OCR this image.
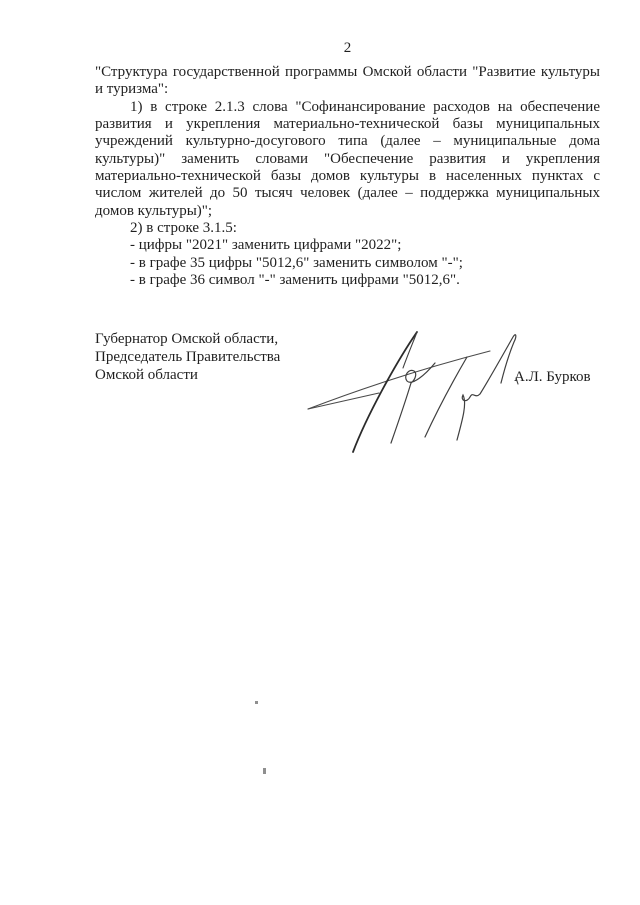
2

"Структура государственной программы Омской области "Развитие культуры и туризма":

1) в строке 2.1.3 слова "Софинансирование расходов на обеспечение развития и укрепления материально-технической базы муниципальных учреждений культурно-досугового типа (далее – муниципальные дома культуры)" заменить словами "Обеспечение развития и укрепления материально-технической базы домов культуры в населенных пунктах с числом жителей до 50 тысяч человек (далее – поддержка муниципальных домов культуры)";

2) в строке 3.1.5:

- цифры "2021" заменить цифрами "2022";

- в графе 35 цифры "5012,6" заменить символом "-";

- в графе 36 символ "-" заменить цифрами "5012,6".

Губернатор Омской области,
Председатель Правительства
Омской области	А.Л. Бурков
